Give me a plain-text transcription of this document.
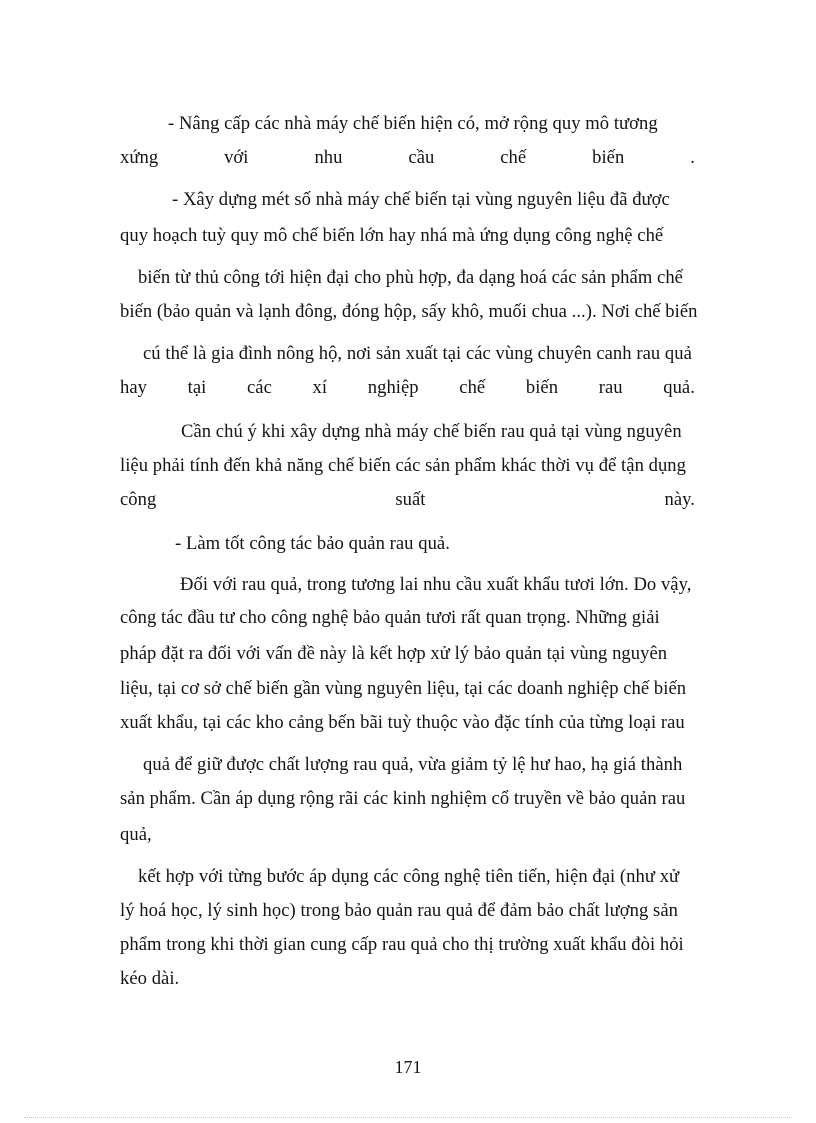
- Nâng cấp các nhà máy chế biến hiện có, mở rộng quy mô tương
xứng	với	nhu	cầu	chế	biến	.
- Xây dựng mét số nhà máy chế biến tại vùng nguyên liệu đã được
quy hoạch tuỳ quy mô chế biến lớn hay nhá mà ứng dụng công nghệ chế
biến từ thủ công tới hiện đại cho phù hợp, đa dạng hoá các sản phẩm chế
biến (bảo quản và lạnh đông, đóng hộp, sấy khô, muối chua ...). Nơi chế biến
cú thể là gia đình nông hộ, nơi sản xuất tại các vùng chuyên canh rau quả
hay tại các xí nghiệp chế biến rau quả.
Cần chú ý khi xây dựng nhà máy chế biến rau quả tại vùng nguyên
liệu phải tính đến khả năng chế biến các sản phẩm khác thời vụ để tận dụng
công	suất	này.
- Làm tốt công tác bảo quản rau quả.
Đối với rau quả, trong tương lai nhu cầu xuất khẩu tươi lớn. Do vậy,
công tác đầu tư cho công nghệ bảo quản tươi rất quan trọng. Những giải
pháp đặt ra đối với vấn đề này là kết hợp xử lý bảo quản tại vùng nguyên
liệu, tại cơ sở chế biến gần vùng nguyên liệu, tại các doanh nghiệp chế biến
xuất khẩu, tại các kho cảng bến bãi tuỳ thuộc vào đặc tính của từng loại rau
quả để giữ được chất lượng rau quả, vừa giảm tỷ lệ hư hao, hạ giá thành
sản phẩm. Cần áp dụng rộng rãi các kinh nghiệm cổ truyền về bảo quản rau
quả,
kết hợp với từng bước áp dụng các công nghệ tiên tiến, hiện đại (như xử
lý hoá học, lý sinh học) trong bảo quản rau quả để đảm bảo chất lượng sản
phẩm trong khi thời gian cung cấp rau quả cho thị trường xuất khẩu đòi hỏi
kéo dài.
171
